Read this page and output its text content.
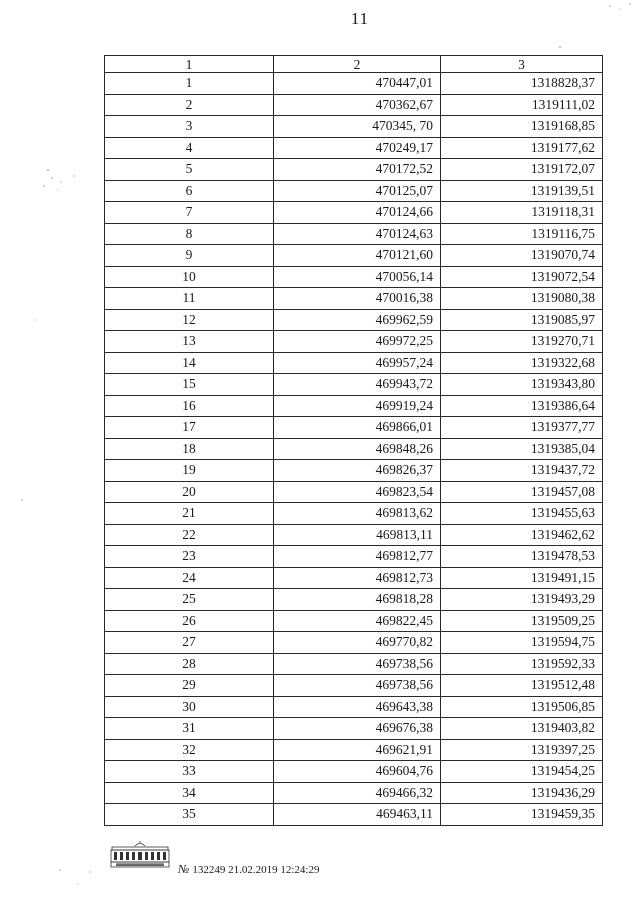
11
1	2	3
1	470447,01	1318828,37
2	470362,67	1319111,02
3	470345, 70	1319168,85
4	470249,17	1319177,62
5	470172,52	1319172,07
6	470125,07	1319139,51
7	470124,66	1319118,31
8	470124,63	1319116,75
9	470121,60	1319070,74
10	470056,14	1319072,54
11	470016,38	1319080,38
12	469962,59	1319085,97
13	469972,25	1319270,71
14	469957,24	1319322,68
15	469943,72	1319343,80
16	469919,24	1319386,64
17	469866,01	1319377,77
18	469848,26	1319385,04
19	469826,37	1319437,72
20	469823,54	1319457,08
21	469813,62	1319455,63
22	469813,11	1319462,62
23	469812,77	1319478,53
24	469812,73	1319491,15
25	469818,28	1319493,29
26	469822,45	1319509,25
27	469770,82	1319594,75
28	469738,56	1319592,33
29	469738,56	1319512,48
30	469643,38	1319506,85
31	469676,38	1319403,82
32	469621,91	1319397,25
33	469604,76	1319454,25
34	469466,32	1319436,29
35	469463,11	1319459,35
№ 132249 21.02.2019 12:24:29
